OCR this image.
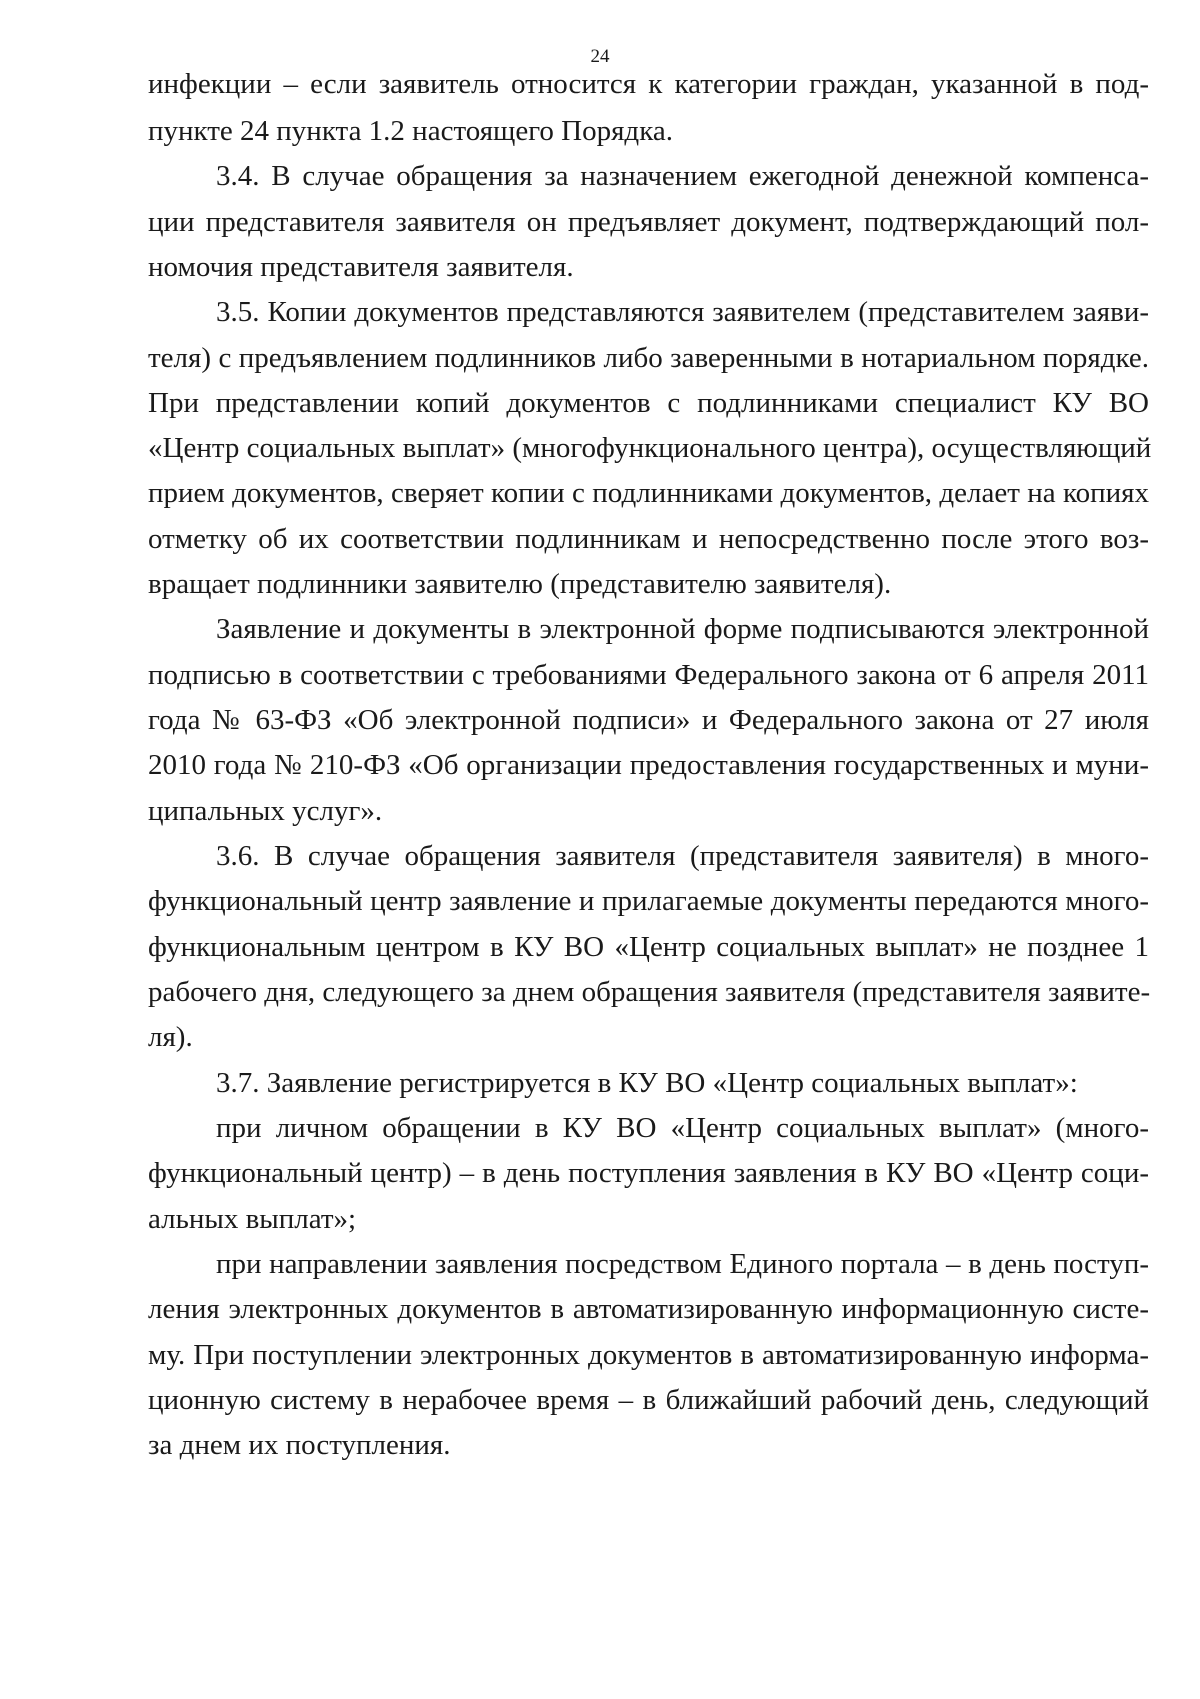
24
инфекции – если заявитель относится к категории граждан, указанной в под-
пункте 24 пункта 1.2 настоящего Порядка.
3.4. В случае обращения за назначением ежегодной денежной компенса-
ции представителя заявителя он предъявляет документ, подтверждающий пол-
номочия представителя заявителя.
3.5. Копии документов представляются заявителем (представителем заяви-
теля) с предъявлением подлинников либо заверенными в нотариальном порядке.
При представлении копий документов с подлинниками специалист КУ ВО
«Центр социальных выплат» (многофункционального центра), осуществляющий
прием документов, сверяет копии с подлинниками документов, делает на копиях
отметку об их соответствии подлинникам и непосредственно после этого воз-
вращает подлинники заявителю (представителю заявителя).
Заявление и документы в электронной форме подписываются электронной
подписью в соответствии с требованиями Федерального закона от 6 апреля 2011
года № 63-ФЗ «Об электронной подписи» и Федерального закона от 27 июля
2010 года № 210-ФЗ «Об организации предоставления государственных и муни-
ципальных услуг».
3.6. В случае обращения заявителя (представителя заявителя) в много-
функциональный центр заявление и прилагаемые документы передаются много-
функциональным центром в КУ ВО «Центр социальных выплат» не позднее 1
рабочего дня, следующего за днем обращения заявителя (представителя заявите-
ля).
3.7. Заявление регистрируется в КУ ВО «Центр социальных выплат»:
при личном обращении в КУ ВО «Центр социальных выплат» (много-
функциональный центр) – в день поступления заявления в КУ ВО «Центр соци-
альных выплат»;
при направлении заявления посредством Единого портала – в день поступ-
ления электронных документов в автоматизированную информационную систе-
му. При поступлении электронных документов в автоматизированную информа-
ционную систему в нерабочее время – в ближайший рабочий день, следующий
за днем их поступления.
